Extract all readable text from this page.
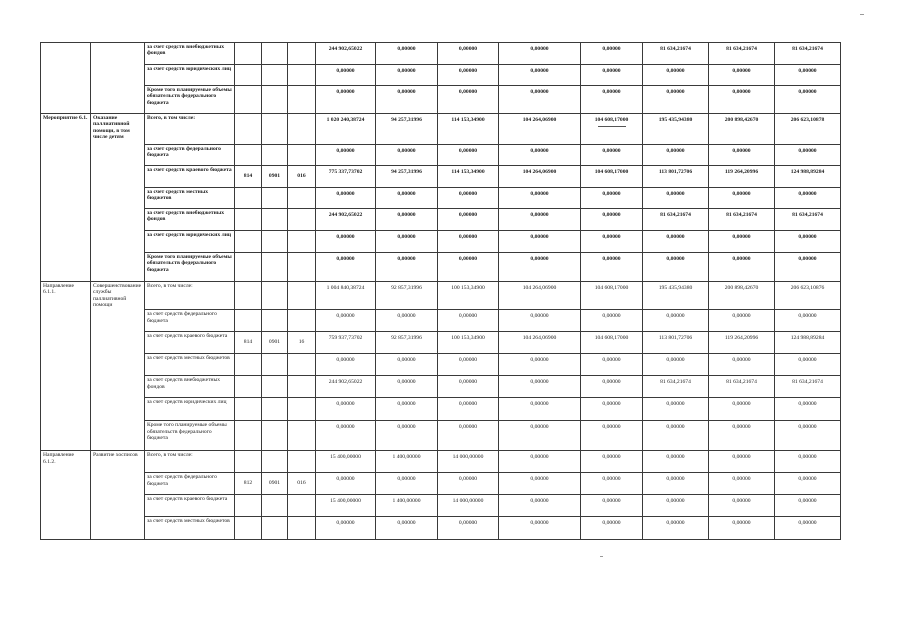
		за счет средств внебюджетных фондов				244 902,65022	0,00000	0,00000	0,00000	0,00000	81 634,21674	81 634,21674	81 634,21674
		за счет средств юридических лиц				0,00000	0,00000	0,00000	0,00000	0,00000	0,00000	0,00000	0,00000
		Кроме того планируемые объемы обязательств федерального бюджета				0,00000	0,00000	0,00000	0,00000	0,00000	0,00000	0,00000	0,00000
Мероприятие 6.1.	Оказание паллиативной помощи, в том числе детям	Всего, в том числе:				1 020 240,38724	94 257,31996	114 153,34900	104 264,06900	104 608,17000	195 435,94380	200 898,42670	206 623,10878
		за счет средств федерального бюджета				0,00000	0,00000	0,00000	0,00000	0,00000	0,00000	0,00000	0,00000
		за счет средств краевого бюджета	814	0901	016	775 337,73702	94 257,31996	114 153,34900	104 264,06900	104 608,17000	113 801,72706	119 264,20996	124 988,89284
		за счет средств местных бюджетов				0,00000	0,00000	0,00000	0,00000	0,00000	0,00000	0,00000	0,00000
		за счет средств внебюджетных фондов				244 902,65022	0,00000	0,00000	0,00000	0,00000	81 634,21674	81 634,21674	81 634,21674
		за счет средств юридических лиц				0,00000	0,00000	0,00000	0,00000	0,00000	0,00000	0,00000	0,00000
		Кроме того планируемые объемы обязательств федерального бюджета				0,00000	0,00000	0,00000	0,00000	0,00000	0,00000	0,00000	0,00000
Направление 6.1.1.	Совершенствование службы паллиативной помощи	Всего, в том числе:				1 004 840,38724	92 857,31996	100 153,34900	104 264,06900	104 608,17000	195 435,94380	200 898,42670	206 623,10876
		за счет средств федерального бюджета				0,00000	0,00000	0,00000	0,00000	0,00000	0,00000	0,00000	0,00000
		за счет средств краевого бюджета	814	0901	16	759 937,73702	92 857,31996	100 153,34900	104 264,06900	104 608,17000	113 801,72706	119 264,20996	124 988,89284
		за счет средств местных бюджетов				0,00000	0,00000	0,00000	0,00000	0,00000	0,00000	0,00000	0,00000
		за счет средств внебюджетных фондов				244 902,65022	0,00000	0,00000	0,00000	0,00000	81 634,21674	81 634,21674	81 634,21674
		за счет средств юридических лиц				0,00000	0,00000	0,00000	0,00000	0,00000	0,00000	0,00000	0,00000
		Кроме того планируемые объемы обязательств федерального бюджета				0,00000	0,00000	0,00000	0,00000	0,00000	0,00000	0,00000	0,00000
Направление 6.1.2.	Развитие хосписов	Всего, в том числе:				15 400,00000	1 400,00000	14 000,00000	0,00000	0,00000	0,00000	0,00000	0,00000
		за счет средств федерального бюджета	812	0901	016	0,00000	0,00000	0,00000	0,00000	0,00000	0,00000	0,00000	0,00000
		за счет средств краевого бюджета				15 400,00000	1 400,00000	14 000,00000	0,00000	0,00000	0,00000	0,00000	0,00000
		за счет средств местных бюджетов				0,00000	0,00000	0,00000	0,00000	0,00000	0,00000	0,00000	0,00000
